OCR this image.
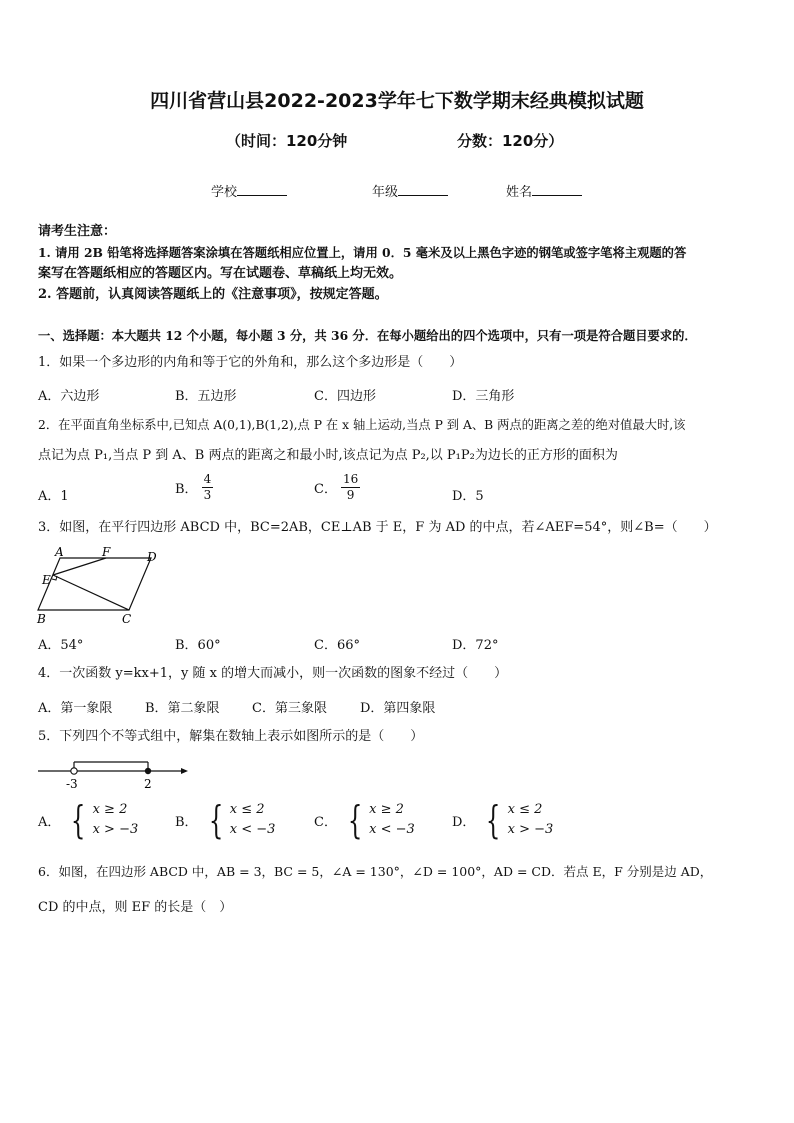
四川省营山县2022-2023学年七下数学期末经典模拟试题
（时间：120分钟	分数：120分）
学校	年级	姓名
请考生注意：
1. 请用 2B 铅笔将选择题答案涂填在答题纸相应位置上，请用 0．5 毫米及以上黑色字迹的钢笔或签字笔将主观题的答
案写在答题纸相应的答题区内。写在试题卷、草稿纸上均无效。
2. 答题前，认真阅读答题纸上的《注意事项》，按规定答题。
一、选择题：本大题共 12 个小题，每小题 3 分，共 36 分．在每小题给出的四个选项中，只有一项是符合题目要求的．
1．如果一个多边形的内角和等于它的外角和，那么这个多边形是（　　）
A．六边形	B．五边形	C．四边形	D．三角形
2．在平面直角坐标系中,已知点 A(0,1),B(1,2),点 P 在 x 轴上运动,当点 P 到 A、B 两点的距离之差的绝对值最大时,该
点记为点 P₁,当点 P 到 A、B 两点的距离之和最小时,该点记为点 P₂,以 P₁P₂为边长的正方形的面积为
A．1	B． $\frac{4}{3}$	C． $\frac{16}{9}$	D．5
3．如图，在平行四边形 ABCD 中，BC=2AB，CE⊥AB 于 E，F 为 AD 的中点，若∠AEF=54°，则∠B=（　　）
A	F	D
E
B	C
A．54°	B．60°	C．66°	D．72°
4．一次函数 y=kx+1，y 随 x 的增大而减小，则一次函数的图象不经过（　　）
A．第一象限	B．第二象限 C．第三象限	D．第四象限
5．下列四个不等式组中，解集在数轴上表示如图所示的是（　　）
-3	2
A． { x ≥ 2
x > −3	B． { x ≤ 2
x < −3	C． { x ≥ 2
x < −3	D． { x ≤ 2
x > −3
6．如图，在四边形 ABCD 中，AB = 3，BC = 5，∠A = 130°，∠D = 100°，AD = CD．若点 E，F 分别是边 AD，
CD 的中点，则 EF 的长是（　）
